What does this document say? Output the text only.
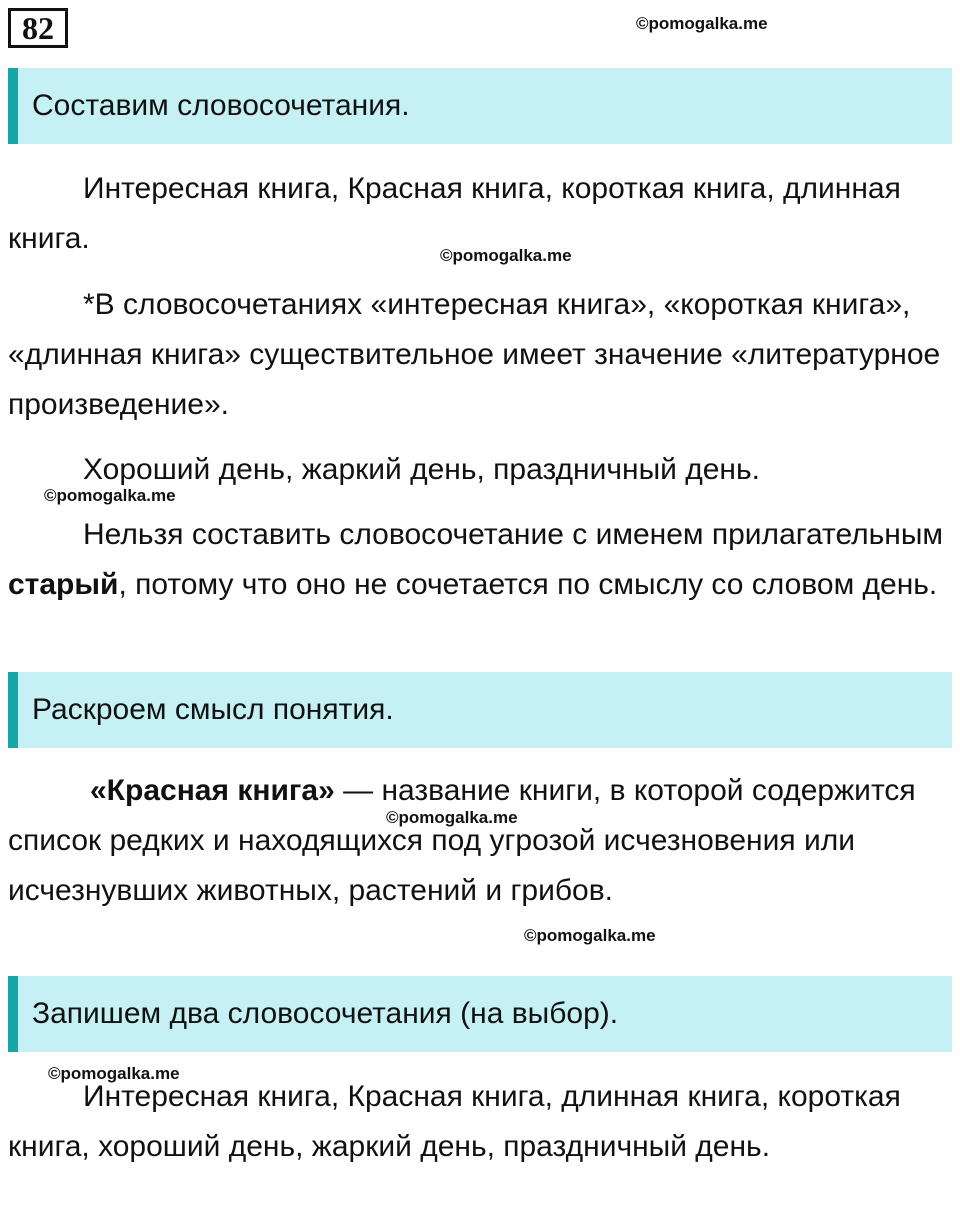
82	©pomogalka.me
Составим словосочетания.
Интересная книга, Красная книга, короткая книга, длинная книга.
©pomogalka.me
*В словосочетаниях «интересная книга», «короткая книга», «длинная книга» существительное имеет значение «литературное произведение».
Хороший день, жаркий день, праздничный день.
©pomogalka.me
Нельзя составить словосочетание с именем прилагательным старый, потому что оно не сочетается по смыслу со словом день.
Раскроем смысл понятия.
«Красная книга» — название книги, в которой содержится список редких и находящихся под угрозой исчезновения или исчезнувших животных, растений и грибов.
©pomogalka.me
©pomogalka.me
Запишем два словосочетания (на выбор).
©pomogalka.me
Интересная книга, Красная книга, длинная книга, короткая книга, хороший день, жаркий день, праздничный день.
